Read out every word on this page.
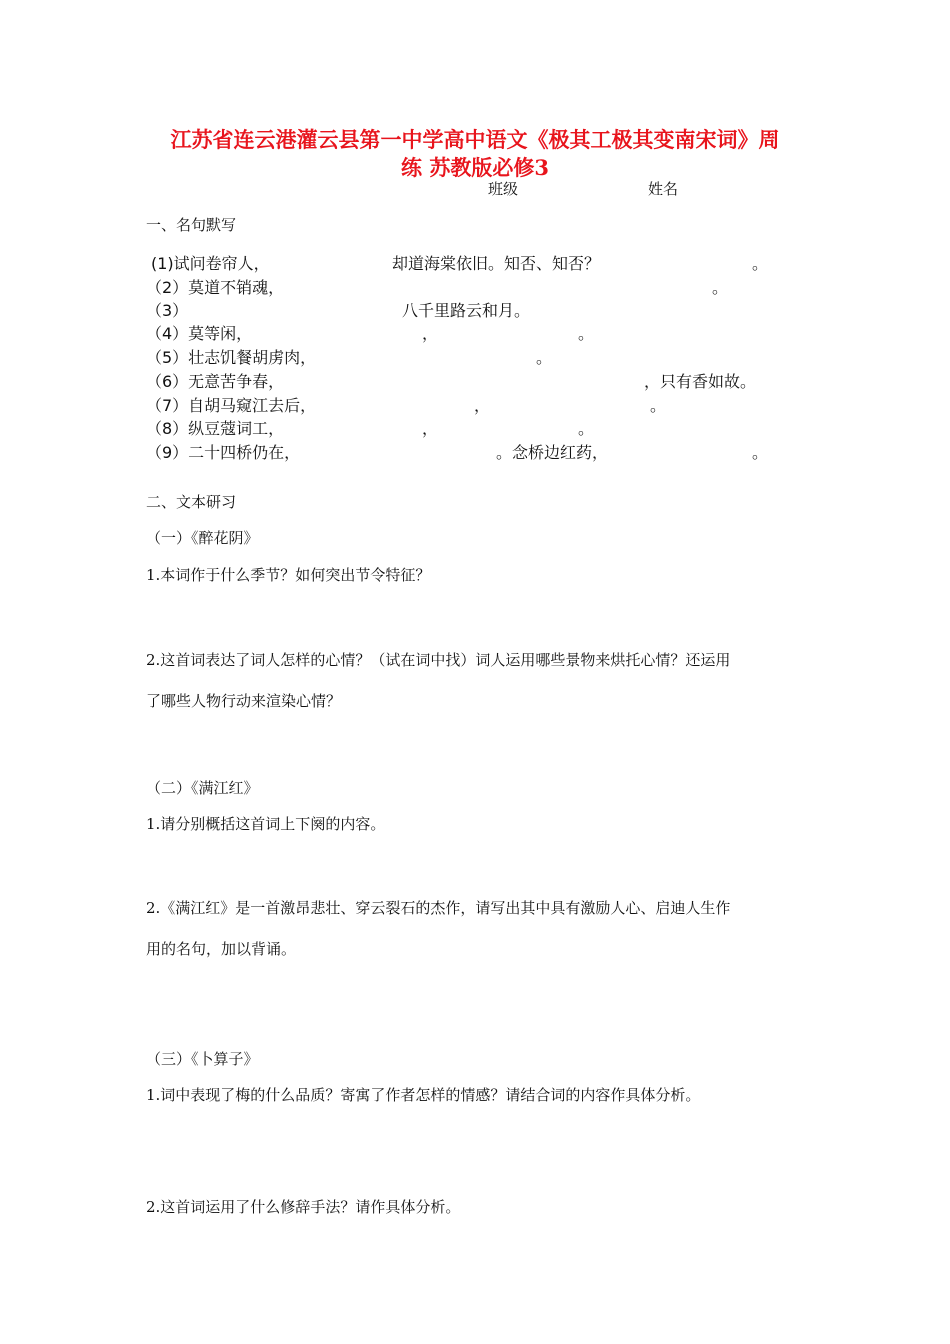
江苏省连云港灌云县第一中学高中语文《极其工极其变南宋词》周
练 苏教版必修3
班级	姓名
一、名句默写
(1)试问卷帘人，	却道海棠依旧。知否、知否？	。
（2）莫道不销魂，	。
（3）	八千里路云和月。
（4）莫等闲，	，	。
（5）壮志饥餐胡虏肉，	。
（6）无意苦争春，	，只有香如故。
（7）自胡马窥江去后，	，	。
（8）纵豆蔻词工，	，	。
（9）二十四桥仍在，	。念桥边红药，	。
二、文本研习
（一）《醉花阴》
1.本词作于什么季节？如何突出节令特征？
2.这首词表达了词人怎样的心情？（试在词中找）词人运用哪些景物来烘托心情？还运用
了哪些人物行动来渲染心情？
（二）《满江红》
1.请分别概括这首词上下阕的内容。
2.《满江红》是一首激昂悲壮、穿云裂石的杰作，请写出其中具有激励人心、启迪人生作
用的名句，加以背诵。
（三）《卜算子》
1.词中表现了梅的什么品质？寄寓了作者怎样的情感？请结合词的内容作具体分析。
2.这首词运用了什么修辞手法？请作具体分析。
